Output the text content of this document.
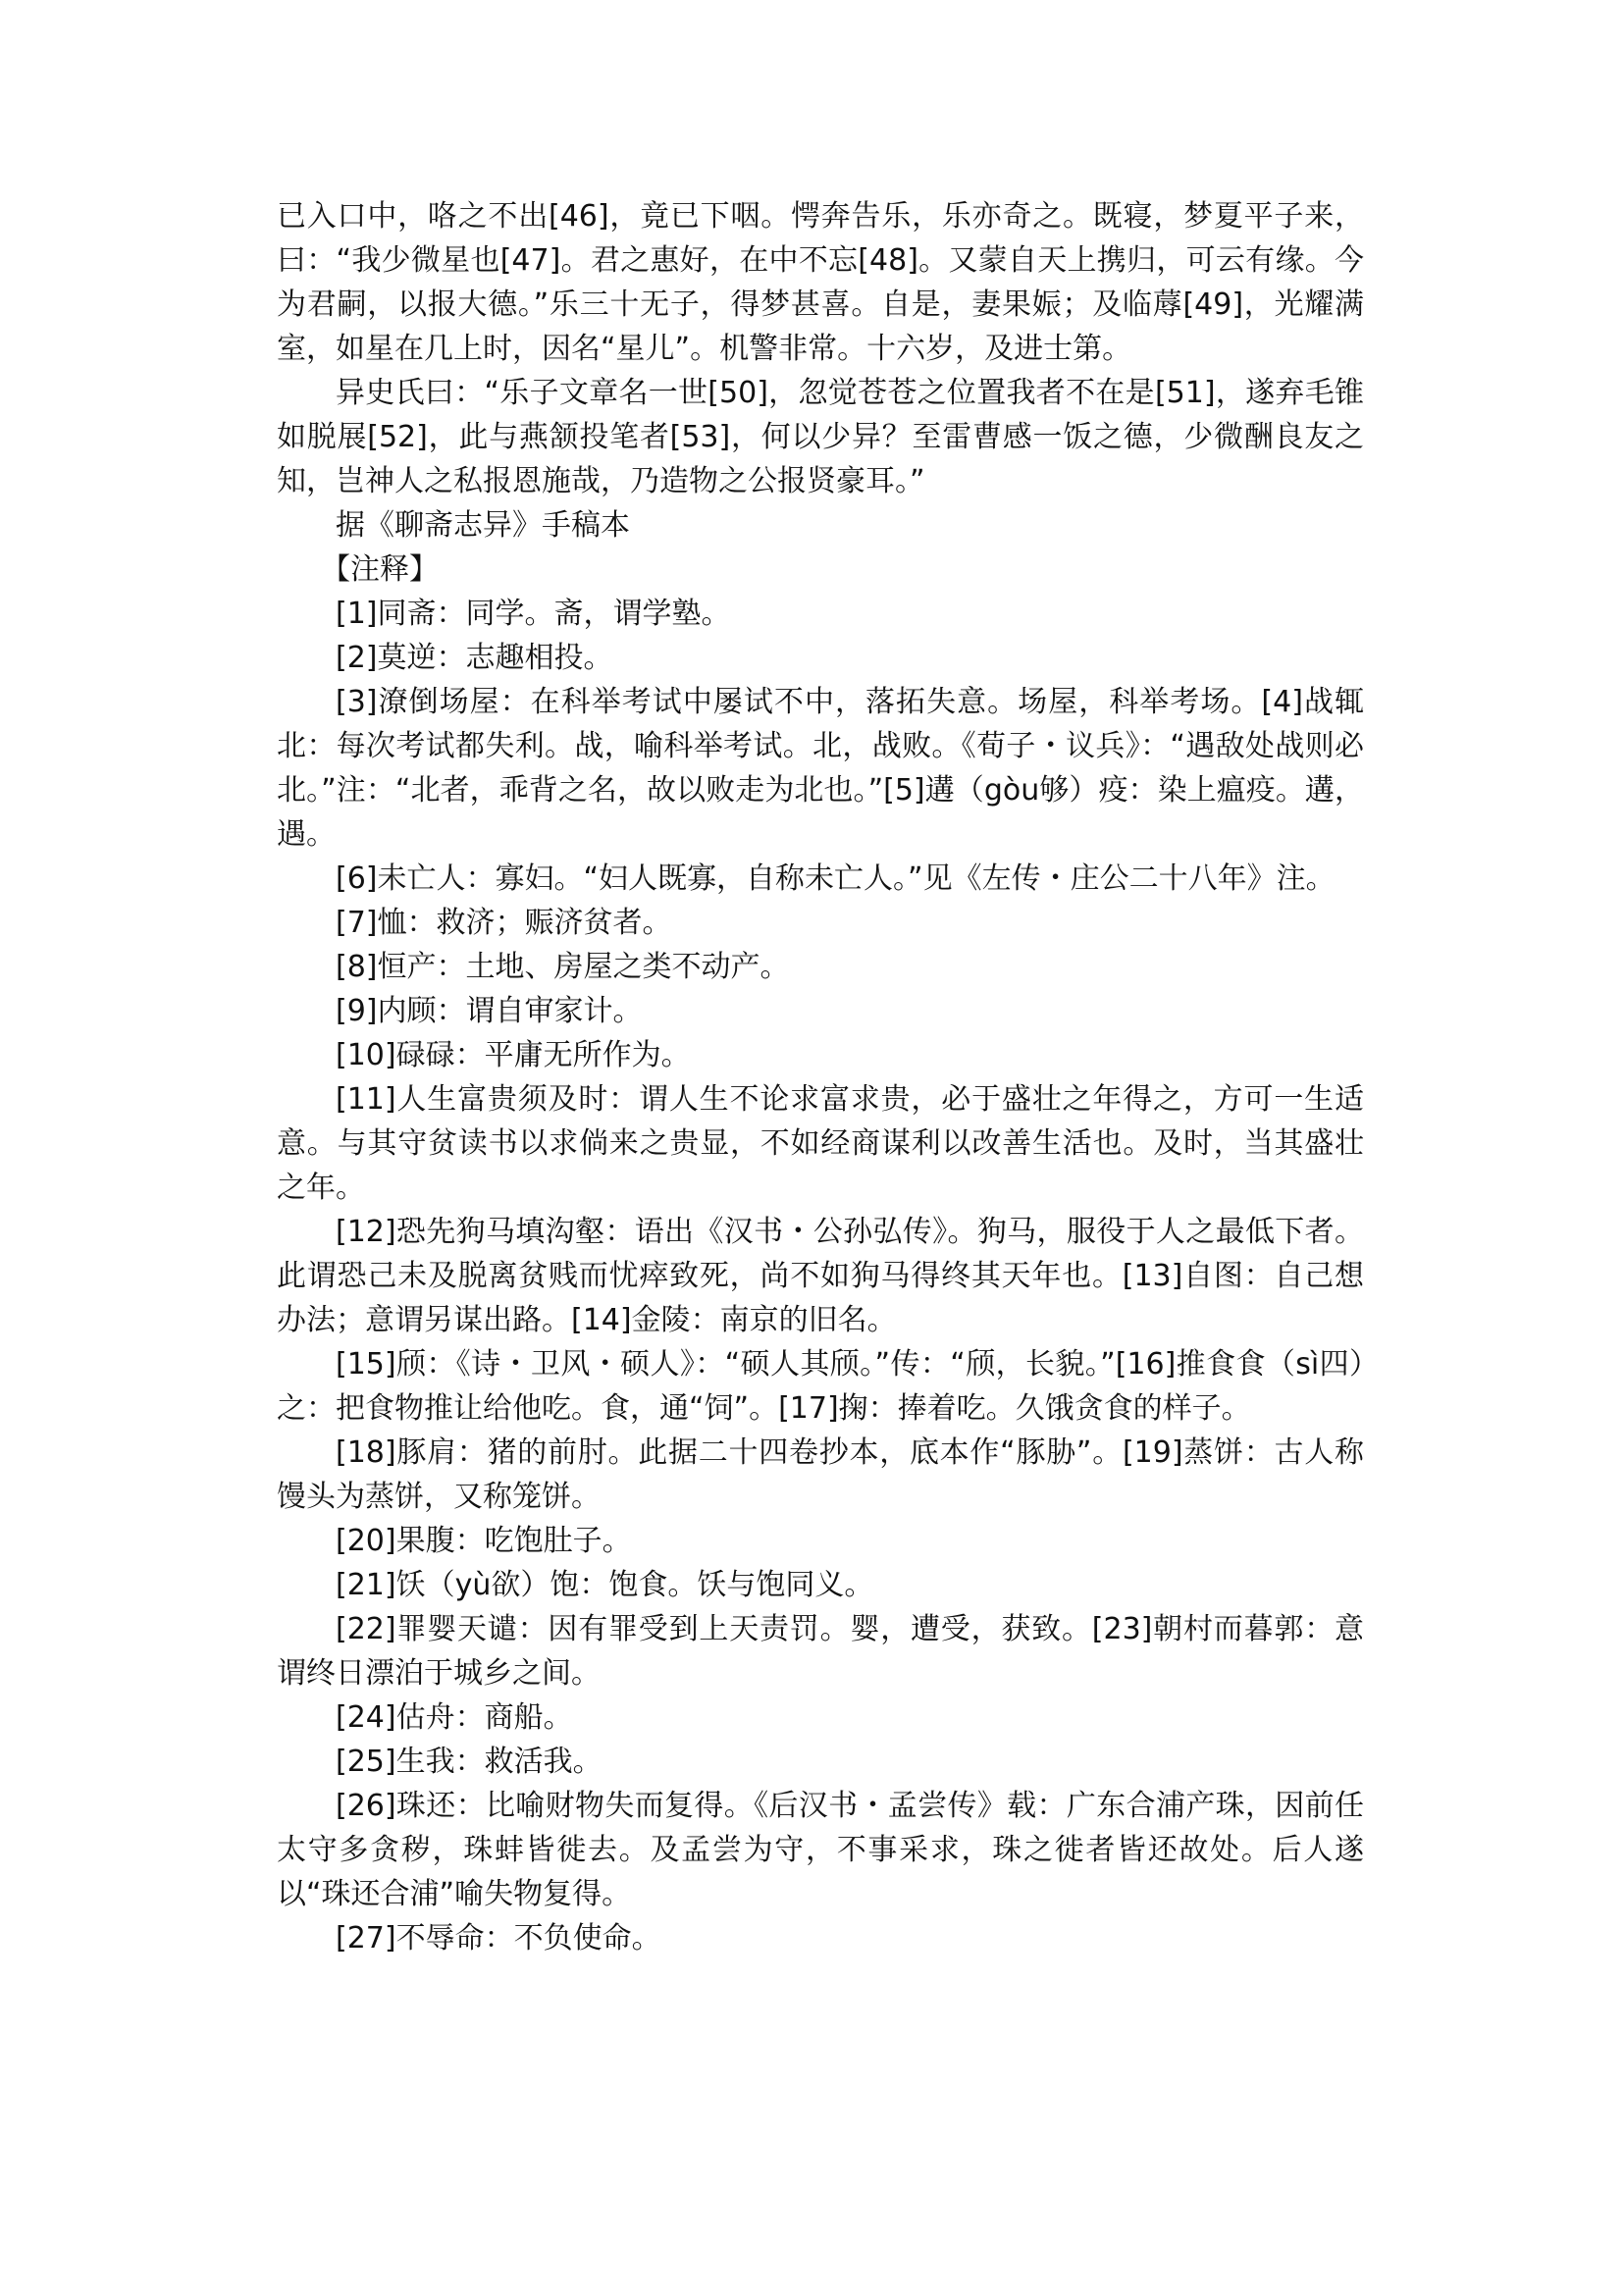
已入口中，咯之不出[46]，竟已下咽。愕奔告乐，乐亦奇之。既寝，梦夏平子来，曰：“我少微星也[47]。君之惠好，在中不忘[48]。又蒙自天上携归，可云有缘。今为君嗣，以报大德。”乐三十无子，得梦甚喜。自是，妻果娠；及临蓐[49]，光耀满室，如星在几上时，因名“星儿”。机警非常。十六岁，及进士第。

异史氏曰：“乐子文章名一世[50]，忽觉苍苍之位置我者不在是[51]，遂弃毛锥如脱展[52]，此与燕颔投笔者[53]，何以少异？至雷曹感一饭之德，少微酬良友之知，岂神人之私报恩施哉，乃造物之公报贤豪耳。”

据《聊斋志异》手稿本

【注释】

[1]同斋：同学。斋，谓学塾。

[2]莫逆：志趣相投。

[3]潦倒场屋：在科举考试中屡试不中，落拓失意。场屋，科举考场。[4]战辄北：每次考试都失利。战，喻科举考试。北，战败。《荀子・议兵》：“遇敌处战则必北。”注：“北者，乖背之名，故以败走为北也。”[5]遘（gòu够）疫：染上瘟疫。遘，遇。

[6]未亡人：寡妇。“妇人既寡，自称未亡人。”见《左传・庄公二十八年》注。

[7]恤：救济；赈济贫者。

[8]恒产：土地、房屋之类不动产。

[9]内顾：谓自审家计。

[10]碌碌：平庸无所作为。

[11]人生富贵须及时：谓人生不论求富求贵，必于盛壮之年得之，方可一生适意。与其守贫读书以求倘来之贵显，不如经商谋利以改善生活也。及时，当其盛壮之年。

[12]恐先狗马填沟壑：语出《汉书・公孙弘传》。狗马，服役于人之最低下者。此谓恐己未及脱离贫贱而忧瘁致死，尚不如狗马得终其天年也。[13]自图：自己想办法；意谓另谋出路。[14]金陵：南京的旧名。

[15]颀：《诗・卫风・硕人》：“硕人其颀。”传：“颀，长貌。”[16]推食食（sì四）之：把食物推让给他吃。食，通“饲”。[17]掬：捧着吃。久饿贪食的样子。

[18]豚肩：猪的前肘。此据二十四卷抄本，底本作“豚胁”。[19]蒸饼：古人称馒头为蒸饼，又称笼饼。

[20]果腹：吃饱肚子。

[21]饫（yù欲）饱：饱食。饫与饱同义。

[22]罪婴天谴：因有罪受到上天责罚。婴，遭受，获致。[23]朝村而暮郭：意谓终日漂泊于城乡之间。

[24]估舟：商船。

[25]生我：救活我。

[26]珠还：比喻财物失而复得。《后汉书・孟尝传》载：广东合浦产珠，因前任太守多贪秽，珠蚌皆徙去。及孟尝为守，不事采求，珠之徙者皆还故处。后人遂以“珠还合浦”喻失物复得。

[27]不辱命：不负使命。
